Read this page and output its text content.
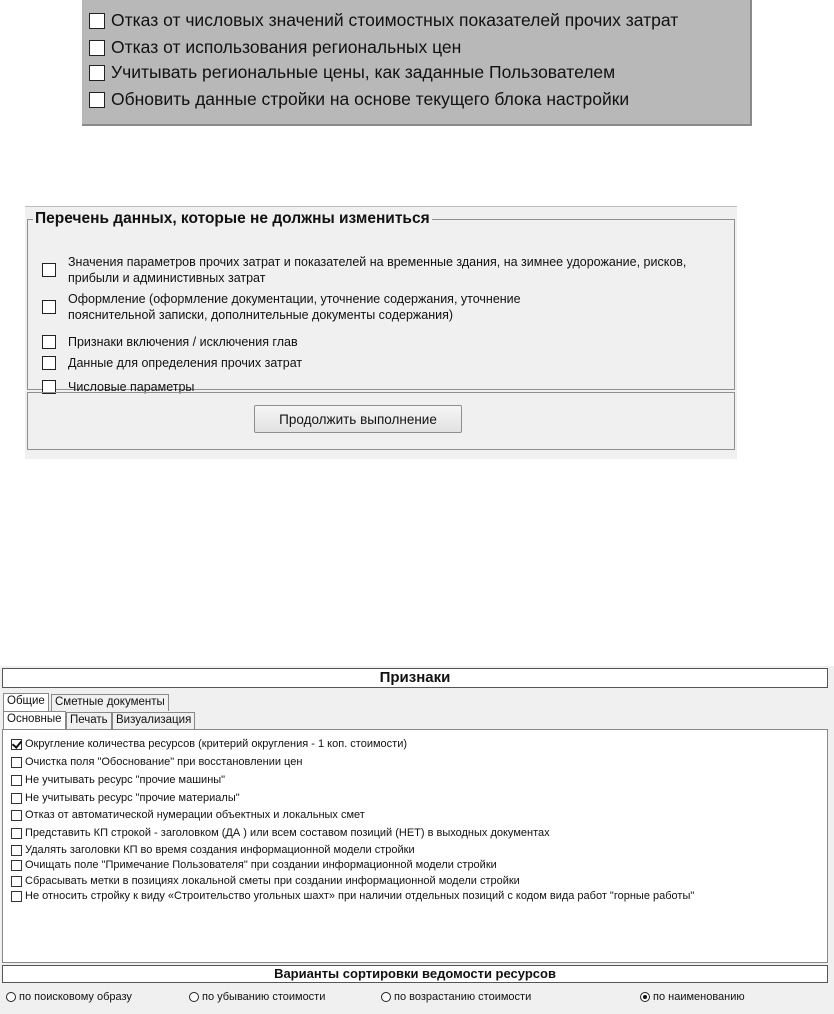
Отказ от числовых значений стоимостных показателей прочих затрат
Отказ от использования региональных цен
Учитывать региональные цены, как заданные Пользователем
Обновить данные стройки на основе текущего блока настройки
Значения параметров прочих затрат и показателей на временные здания, на зимнее удорожание, рисков,
прибыли и администивных затрат
Оформление (оформление документации, уточнение содержания, уточнение
пояснительной записки, дополнительные документы содержания)
Признаки включения / исключения глав
Данные для определения прочих затрат
Числовые параметры
Перечень данных, которые не должны измениться
Продолжить выполнение
Признаки
Общие Сметные документы
Основные Печать Визуализация
Округление количества ресурсов (критерий округления - 1 коп. стоимости)
Очистка поля "Обоснование" при восстановлении цен
Не учитывать ресурс "прочие машины"
Не учитывать ресурс "прочие материалы"
Отказ от автоматической нумерации объектных и локальных смет
Представить КП строкой - заголовком (ДА ) или всем составом позиций (НЕТ) в выходных документах
Удалять заголовки КП во время создания информационной модели стройки
Очищать поле "Примечание Пользователя" при создании информационной модели стройки
Сбрасывать метки в позициях локальной сметы при создании информационной модели стройки
Не относить стройку к виду «Строительство угольных шахт» при наличии отдельных позиций с кодом вида работ "горные работы"
Варианты сортировки ведомости ресурсов
по поисковому образу	по убыванию стоимости	по возрастанию стоимости	по наименованию
